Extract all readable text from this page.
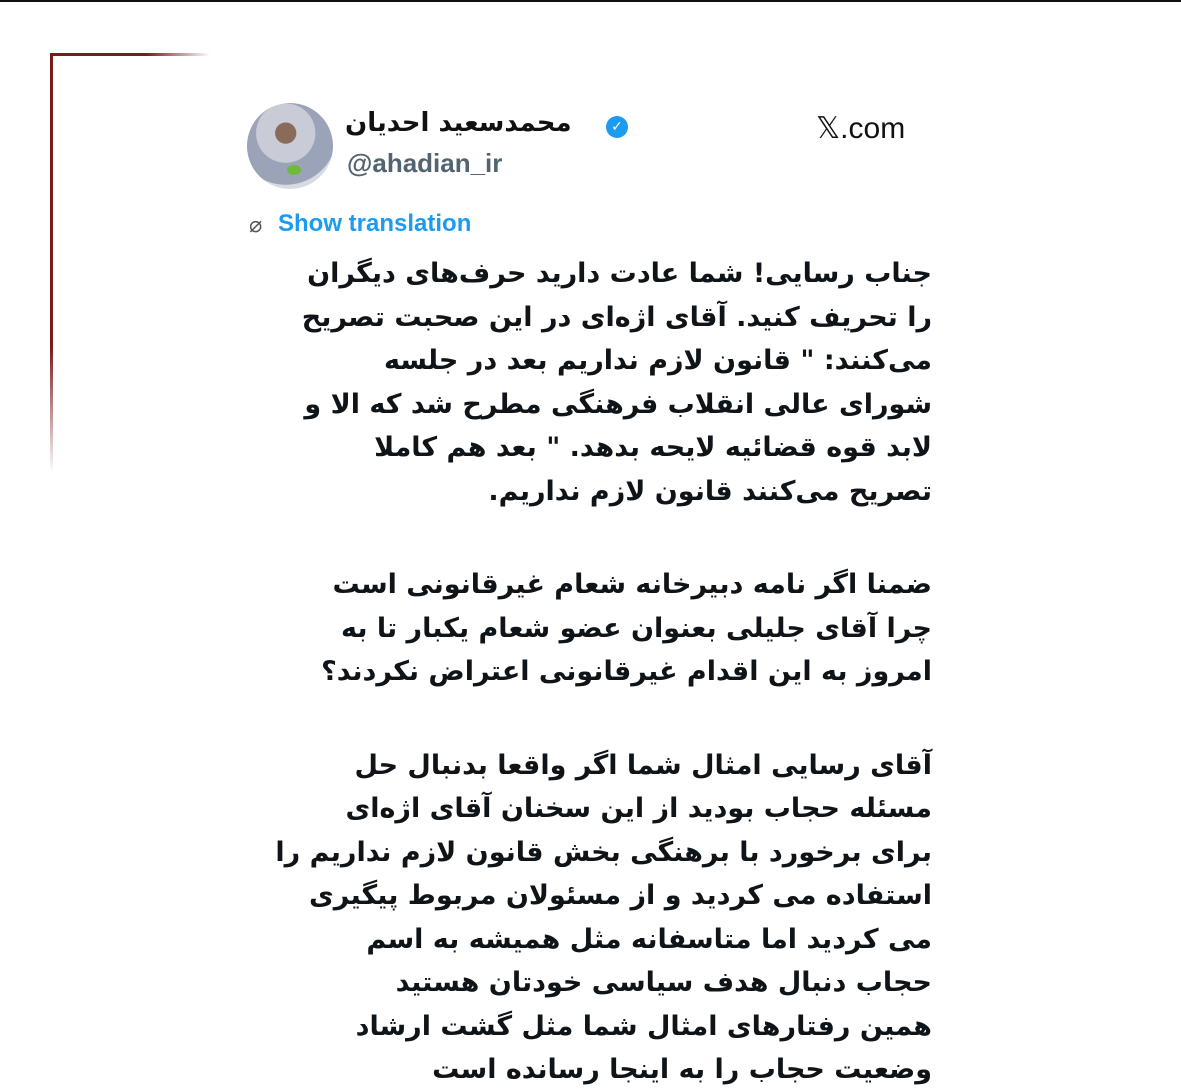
محمدسعید احدیان	✓
@ahadian_ir
𝕏.com
⌀ Show translation
جناب رسایی! شما عادت دارید حرف‌های دیگران
را تحریف کنید. آقای اژه‌ای در این صحبت تصریح
می‌کنند: " قانون لازم نداریم بعد در جلسه
شورای عالی انقلاب فرهنگی مطرح شد که الا و
لابد قوه قضائیه لایحه بدهد. " بعد هم کاملا
تصریح می‌کنند قانون لازم نداریم.
ضمنا اگر نامه دبیرخانه شعام غیرقانونی است
چرا آقای جلیلی بعنوان عضو شعام یکبار تا به
امروز به این اقدام غیرقانونی اعتراض نکردند؟
آقای رسایی امثال شما اگر واقعا بدنبال حل
مسئله حجاب بودید از این سخنان آقای اژه‌ای
برای برخورد با برهنگی بخش قانون لازم نداریم را
استفاده می کردید و از مسئولان مربوط پیگیری
می کردید اما متاسفانه مثل همیشه به اسم
حجاب دنبال هدف سیاسی خودتان هستید
همین رفتارهای امثال شما مثل گشت ارشاد
وضعیت حجاب را به اینجا رسانده است
